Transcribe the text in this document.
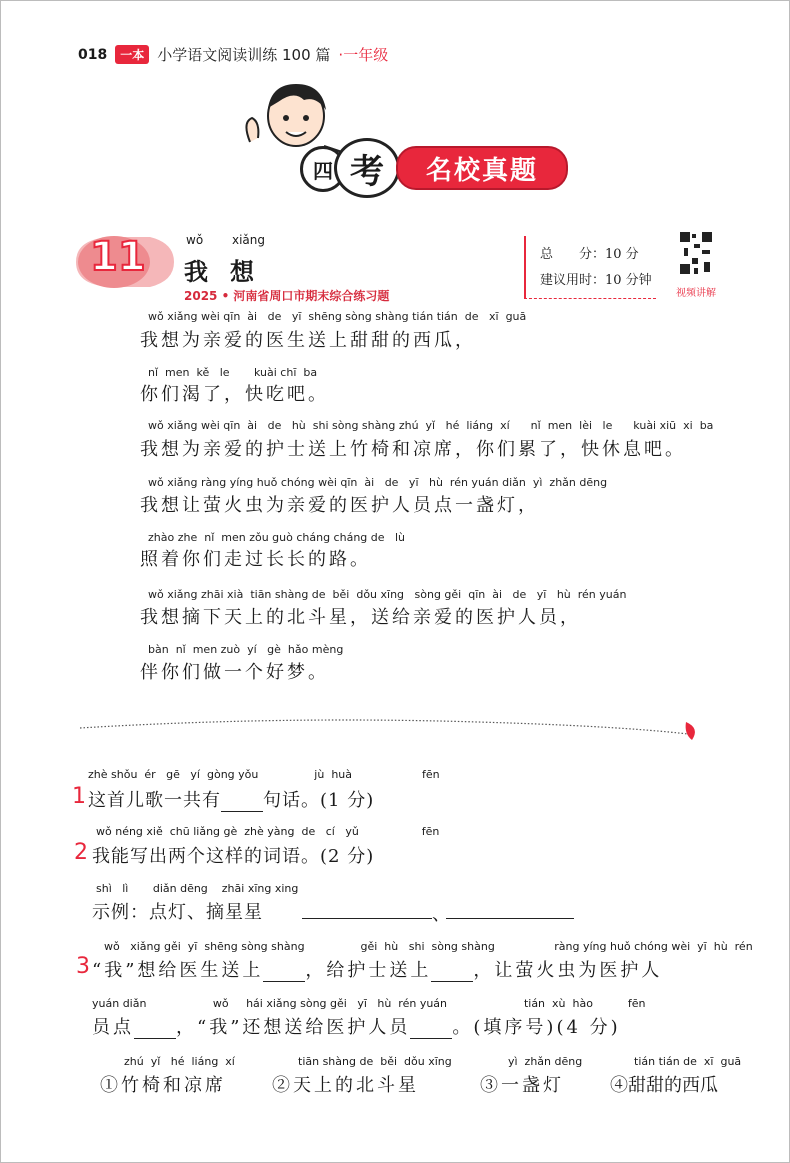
018	一本 小学语文阅读训练 100 篇 ·一年级
四 考	名校真题
11	wǒ xiǎng
我 想
2025 • 河南省周口市期末综合练习题
总　　分：10 分
建议用时：10 分钟
视频讲解
wǒ xiǎng wèi qīn  ài   de   yī  shēng sòng shàng tián tián  de   xī  guā
我想为亲爱的医生送上甜甜的西瓜，
nǐ  men  kě   le       kuài chī  ba
你们渴了，快吃吧。
wǒ xiǎng wèi qīn  ài   de   hù  shi sòng shàng zhú  yǐ   hé  liáng  xí      nǐ  men  lèi   le      kuài xiū  xi  ba
我想为亲爱的护士送上竹椅和凉席，你们累了，快休息吧。
wǒ xiǎng ràng yíng huǒ chóng wèi qīn  ài   de   yī   hù  rén yuán diǎn  yì  zhǎn dēng
我想让萤火虫为亲爱的医护人员点一盏灯，
zhào zhe  nǐ  men zǒu guò cháng cháng de   lù
照着你们走过长长的路。
wǒ xiǎng zhāi xià  tiān shàng de  běi  dǒu xīng   sòng gěi  qīn  ài   de   yī   hù  rén yuán
我想摘下天上的北斗星，送给亲爱的医护人员，
bàn  nǐ  men zuò  yí   gè  hǎo mèng
伴你们做一个好梦。
zhè shǒu  ér   gē   yí  gòng yǒu                jù  huà                    fēn
1 这首儿歌一共有 句话。(1 分)
wǒ néng xiě  chū liǎng gè  zhè yàng  de   cí   yǔ                  fēn
2 我能写出两个这样的词语。(2 分)
shì   lì       diǎn dēng    zhāi xīng xing
示例：点灯、摘星星	、
wǒ   xiǎng gěi  yī  shēng sòng shàng                gěi  hù   shi  sòng shàng                 ràng yíng huǒ chóng wèi  yī  hù  rén
3 “我”想给医生送上 ，给护士送上 ，让萤火虫为医护人
yuán diǎn                   wǒ     hái xiǎng sòng gěi   yī   hù  rén yuán                      tián  xù  hào          fēn
员点 ，“我”还想送给医护人员 。(填序号)(4 分)
zhú  yǐ   hé  liáng  xí	tiān shàng de  běi  dǒu xīng	yì  zhǎn dēng	tián tián de  xī  guā
①竹椅和凉席	②天上的北斗星	③一盏灯	④甜甜的西瓜
